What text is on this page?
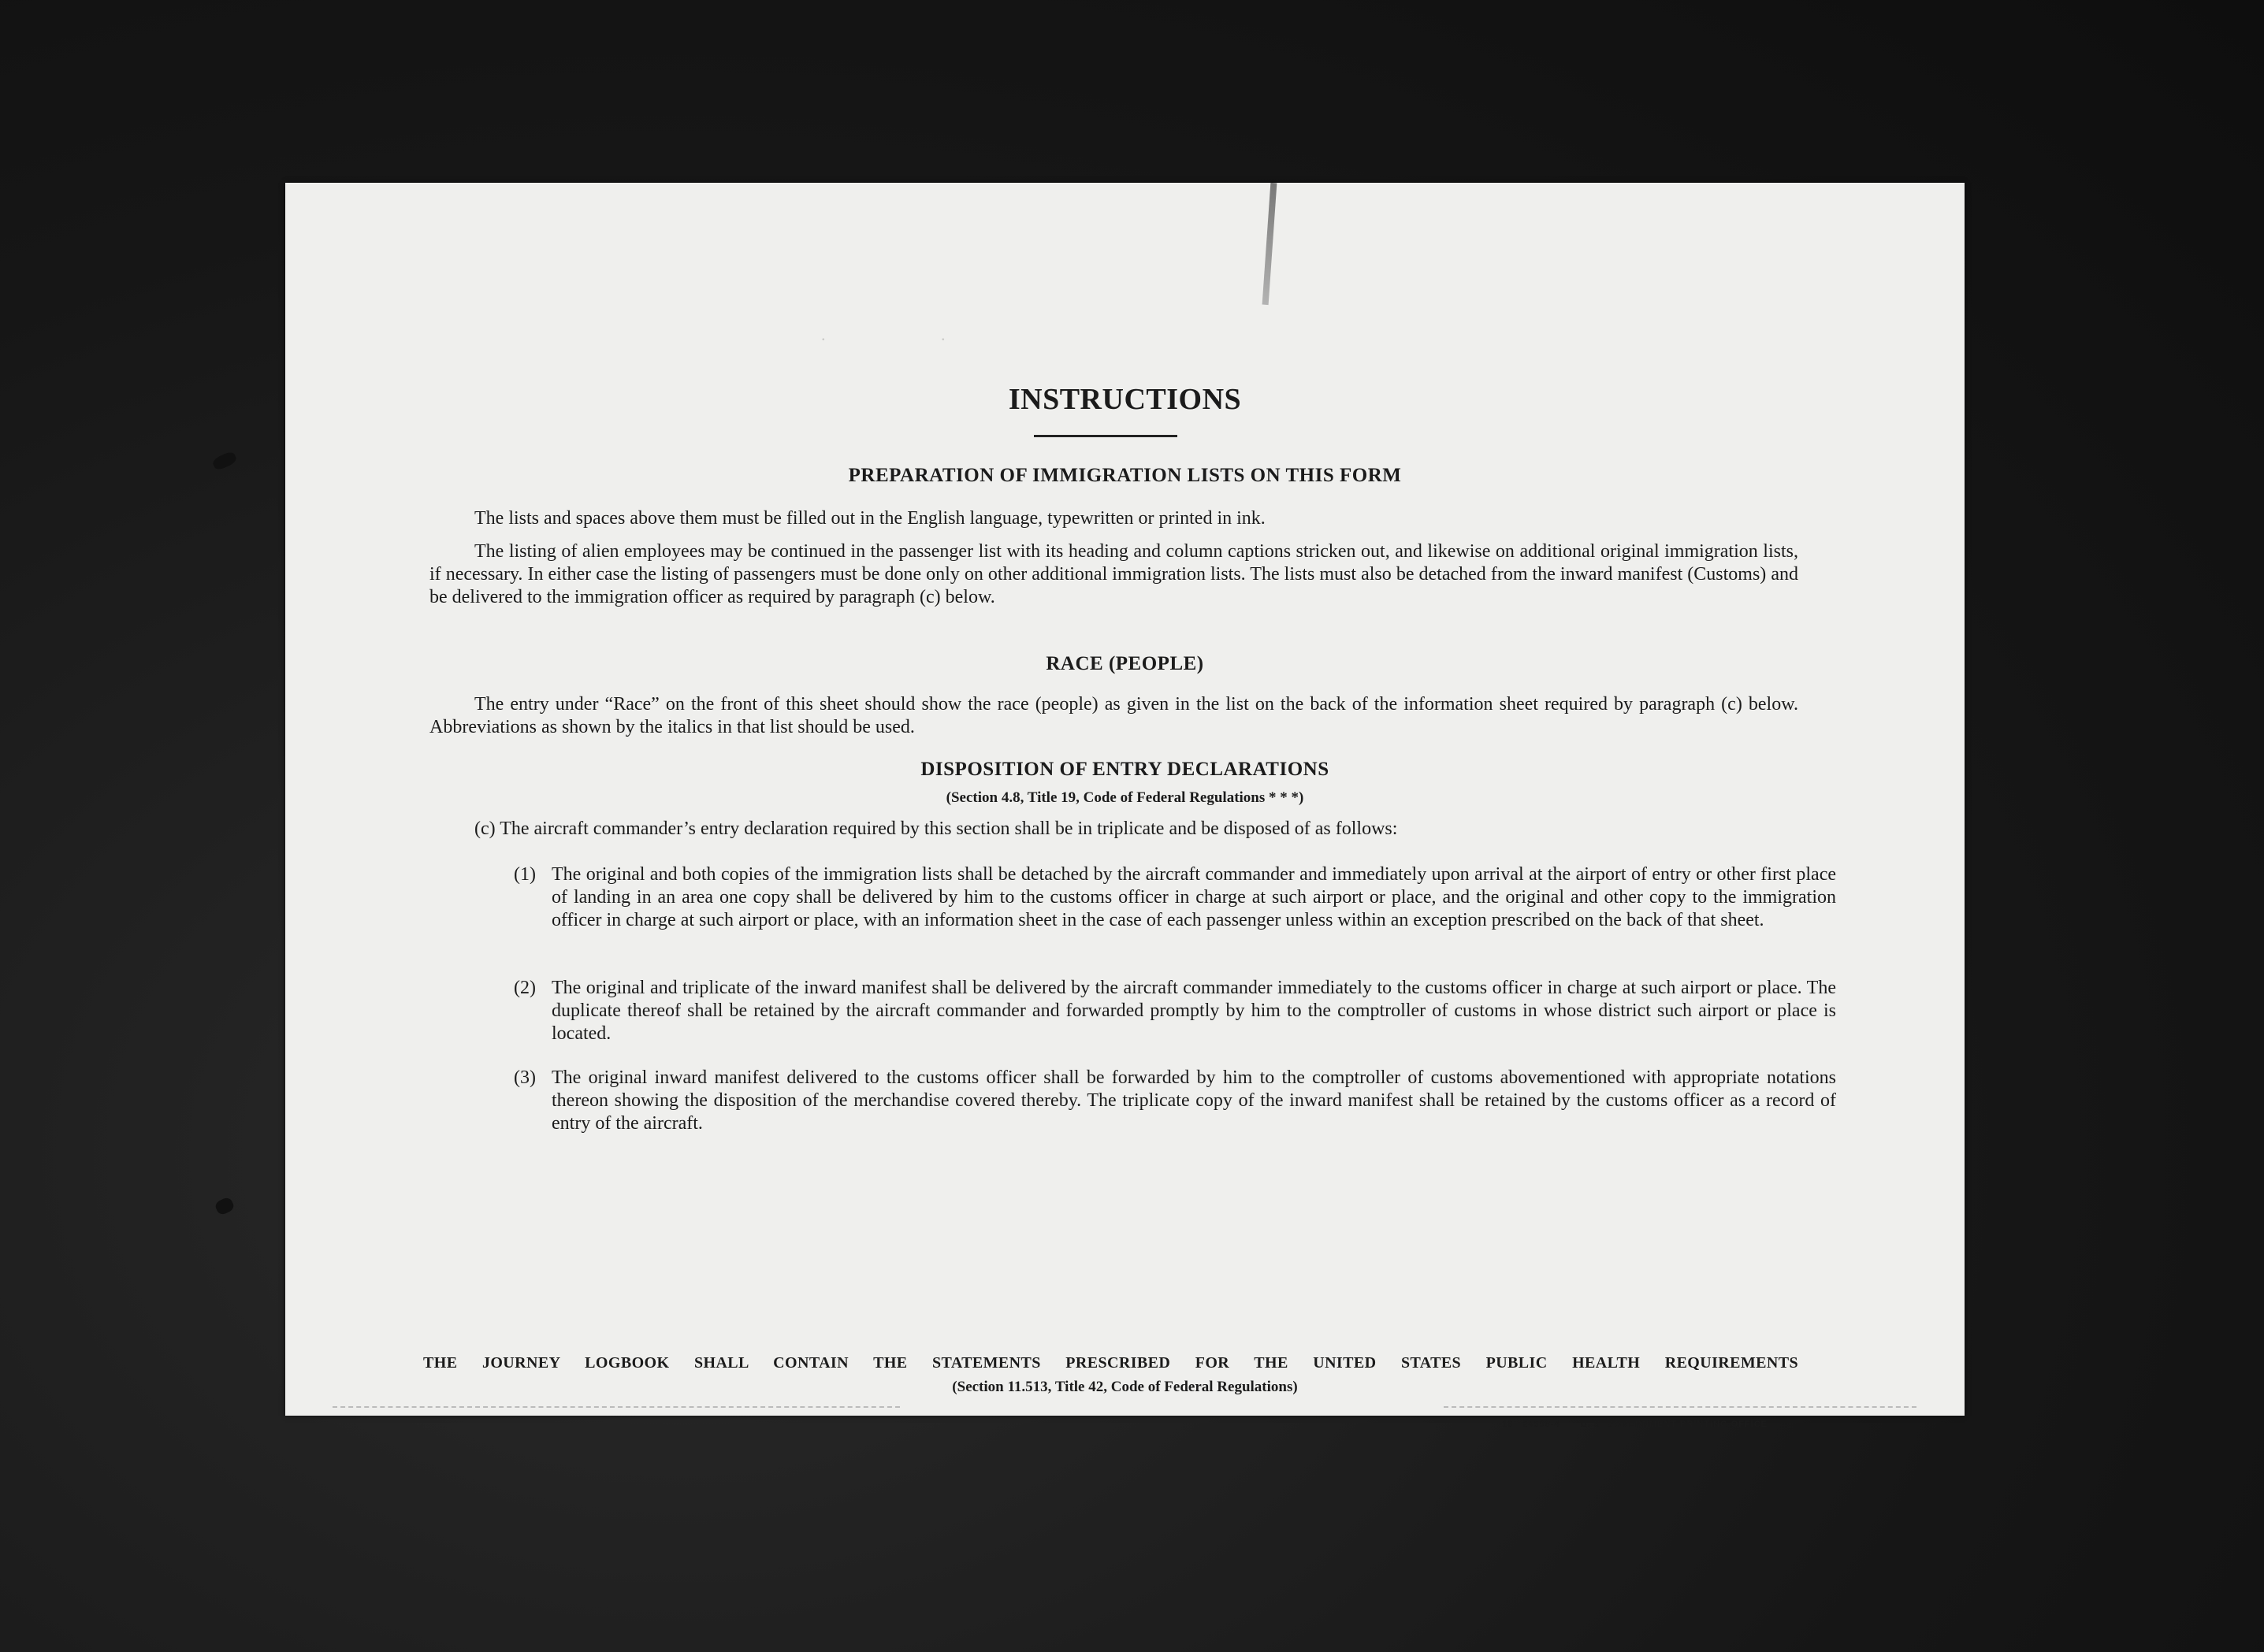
.               .
INSTRUCTIONS
PREPARATION OF IMMIGRATION LISTS ON THIS FORM
The lists and spaces above them must be filled out in the English language, typewritten or printed in ink.
The listing of alien employees may be continued in the passenger list with its heading and column captions stricken out, and likewise on additional original immigration lists, if necessary. In either case the listing of passengers must be done only on other additional immigration lists. The lists must also be detached from the inward manifest (Customs) and be delivered to the immigration officer as required by paragraph (c) below.
RACE (PEOPLE)
The entry under “Race” on the front of this sheet should show the race (people) as given in the list on the back of the information sheet required by paragraph (c) below. Abbreviations as shown by the italics in that list should be used.
DISPOSITION OF ENTRY DECLARATIONS
(Section 4.8, Title 19, Code of Federal Regulations * * *)
(c) The aircraft commander’s entry declaration required by this section shall be in triplicate and be disposed of as follows:
(1) The original and both copies of the immigration lists shall be detached by the aircraft commander and immediately upon arrival at the airport of entry or other first place of landing in an area one copy shall be delivered by him to the customs officer in charge at such airport or place, and the original and other copy to the immigration officer in charge at such airport or place, with an information sheet in the case of each passenger unless within an exception prescribed on the back of that sheet.
(2) The original and triplicate of the inward manifest shall be delivered by the aircraft commander immediately to the customs officer in charge at such airport or place. The duplicate thereof shall be retained by the aircraft commander and forwarded promptly by him to the comptroller of customs in whose district such airport or place is located.
(3) The original inward manifest delivered to the customs officer shall be forwarded by him to the comptroller of customs abovementioned with appropriate notations thereon showing the disposition of the merchandise covered thereby. The triplicate copy of the inward manifest shall be retained by the customs officer as a record of entry of the aircraft.
THE JOURNEY LOGBOOK SHALL CONTAIN THE STATEMENTS PRESCRIBED FOR THE UNITED STATES PUBLIC HEALTH REQUIREMENTS
(Section 11.513, Title 42, Code of Federal Regulations)
16—24598-4 U. S. GOVERNMENT PRINTING OFFICE
